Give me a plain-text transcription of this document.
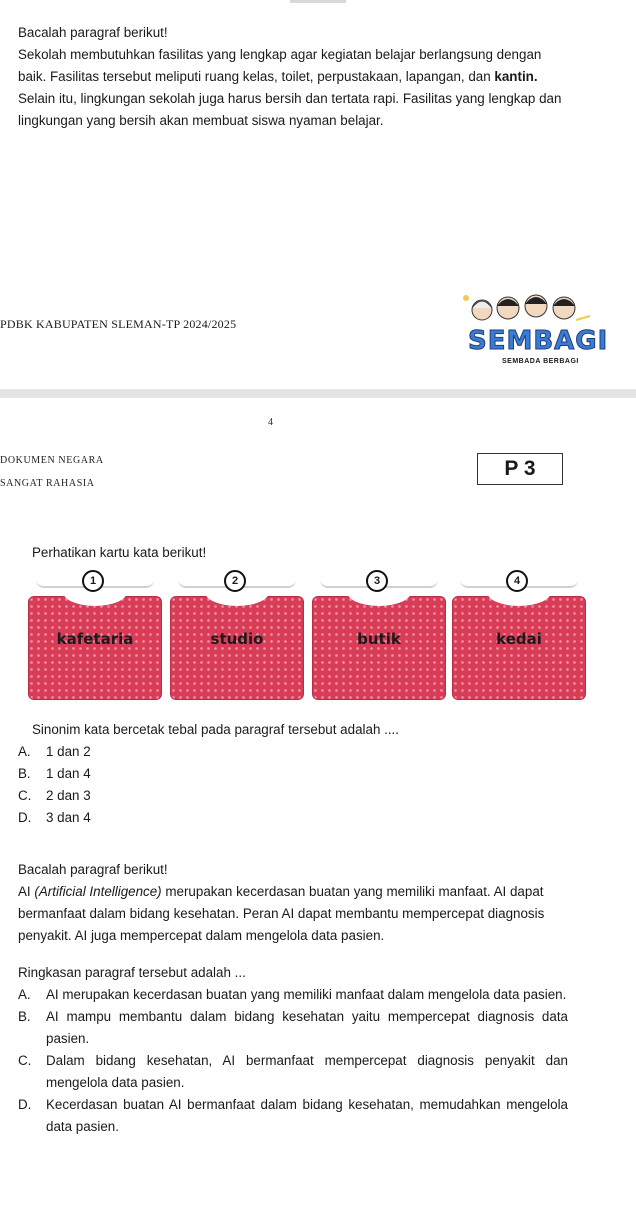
Bacalah paragraf berikut!

Sekolah membutuhkan fasilitas yang lengkap agar kegiatan belajar berlangsung dengan

baik. Fasilitas tersebut meliputi ruang kelas, toilet, perpustakaan, lapangan, dan kantin.

Selain itu, lingkungan sekolah juga harus bersih dan tertata rapi. Fasilitas yang lengkap dan

lingkungan yang bersih akan membuat siswa nyaman belajar.

PDBK KABUPATEN SLEMAN-TP 2024/2025
SEMBAGI
SEMBADA BERBAGI
4
DOKUMEN NEGARA
SANGAT RAHASIA
P 3

Perhatikan kartu kata berikut!

1
kafetaria
2
studio
3
butik
4
kedai

Sinonim kata bercetak tebal pada paragraf tersebut adalah ....

A.	1 dan 2
B.	1 dan 4
C.	2 dan 3
D.	3 dan 4

Bacalah paragraf berikut!

AI (Artificial Intelligence) merupakan kecerdasan buatan yang memiliki manfaat. AI dapat

bermanfaat dalam bidang kesehatan. Peran AI dapat membantu mempercepat diagnosis

penyakit. AI juga mempercepat dalam mengelola data pasien.

Ringkasan paragraf tersebut adalah ...

A.	AI merupakan kecerdasan buatan yang memiliki manfaat dalam mengelola data pasien.
B.	AI mampu membantu dalam bidang kesehatan yaitu mempercepat diagnosis data pasien.
C.	Dalam bidang kesehatan, AI bermanfaat mempercepat diagnosis penyakit dan mengelola data pasien.
D.	Kecerdasan buatan AI bermanfaat dalam bidang kesehatan, memudahkan mengelola data pasien.
